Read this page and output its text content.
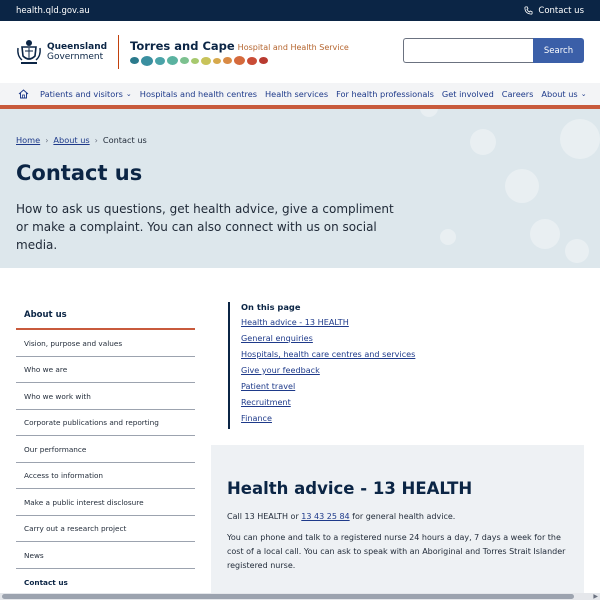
health.qld.gov.au	Contact us
Queensland
Government
Torres and Cape Hospital and Health Service	Search
Patients and visitors ⌄ Hospitals and health centres Health services For health professionals Get involved Careers About us ⌄
Home › About us › Contact us
Contact us

How to ask us questions, get health advice, give a compliment or make a complaint. You can also connect with us on social media.

About us
Vision, purpose and values
Who we are
Who we work with
Corporate publications and reporting
Our performance
Access to information
Make a public interest disclosure
Carry out a research project
News
Contact us
On this page
Health advice - 13 HEALTH
General enquiries
Hospitals, health care centres and services
Give your feedback
Patient travel
Recruitment
Finance
Health advice - 13 HEALTH

Call 13 HEALTH or 13 43 25 84 for general health advice.

You can phone and talk to a registered nurse 24 hours a day, 7 days a week for the cost of a local call. You can ask to speak with an Aboriginal and Torres Strait Islander registered nurse.

▶
